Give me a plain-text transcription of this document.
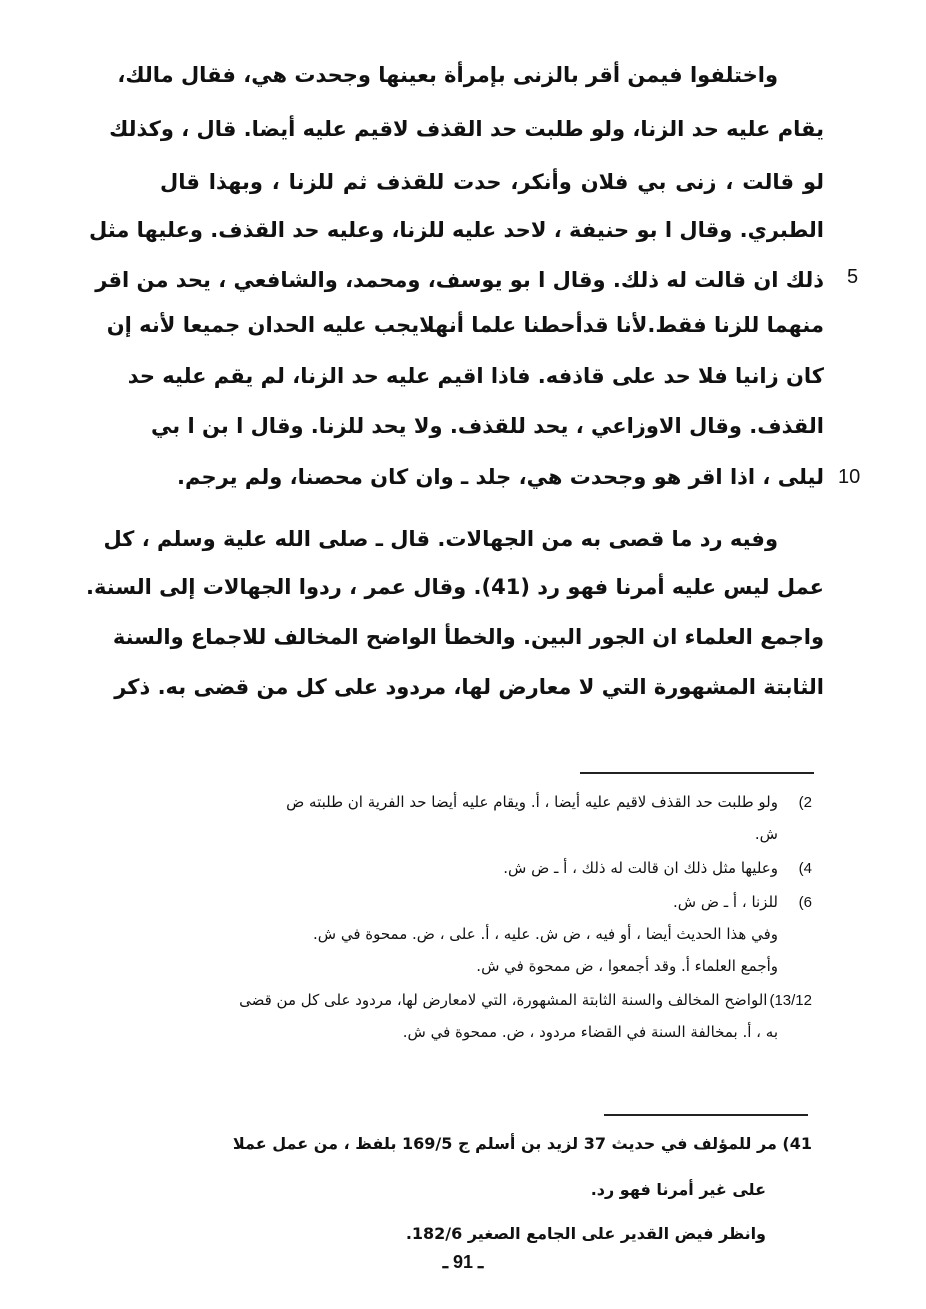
واختلفوا فيمن أقر بالزنى بإمرأة بعينها وجحدت هي، فقال مالك،
يقام عليه حد الزنا، ولو طلبت حد القذف لاقيم عليه أيضا. قال ، وكذلك
لو قالت ، زنى بي فلان وأنكر، حدت للقذف ثم للزنا ، وبهذا قال
الطبري. وقال ا بو حنيفة ، لاحد عليه للزنا، وعليه حد القذف. وعليها مثل
ذلك ان قالت له ذلك. وقال ا بو يوسف، ومحمد، والشافعي ، يحد من اقر
منهما للزنا فقط.لأنا قدأحطنا علما أنهلايجب عليه الحدان جميعا لأنه إن
كان زانيا فلا حد على قاذفه. فاذا اقيم عليه حد الزنا، لم يقم عليه حد
القذف. وقال الاوزاعي ، يحد للقذف. ولا يحد للزنا. وقال ا بن ا بي
ليلى ، اذا اقر هو وجحدت هي، جلد ـ وان كان محصنا، ولم يرجم.
وفيه رد ما قصى به من الجهالات. قال ـ صلى الله علية وسلم ، كل
عمل ليس عليه أمرنا فهو رد (41). وقال عمر ، ردوا الجهالات إلى السنة.
واجمع العلماء ان الجور البين. والخطأ الواضح المخالف للاجماع والسنة
الثابتة المشهورة التي لا معارض لها، مردود على كل من قضى به. ذكر
5
10
2)ولو طلبت حد القذف لاقيم عليه أيضا ، أ. ويقام عليه أيضا حد الفرية ان طلبته ض
ش.
4)وعليها مثل ذلك ان قالت له ذلك ، أ ـ ض ش.
6)للزنا ، أ ـ ض ش.
وفي هذا الحديث أيضا ، أو فيه ، ض ش. عليه ، أ. على ، ض. ممحوة في ش.
وأجمع العلماء أ. وقد أجمعوا ، ض ممحوة في ش.
13/12)الواضح المخالف والسنة الثابتة المشهورة، التي لامعارض لها، مردود على كل من قضى
به ، أ. بمخالفة السنة في القضاء مردود ، ض. ممحوة في ش.
41) مر للمؤلف في حديث 37 لزيد بن أسلم ج 169/5 بلفظ ، من عمل عملا
على غير أمرنا فهو رد.
وانظر فيض القدير على الجامع الصغير 182/6.
ـ 91 ـ
